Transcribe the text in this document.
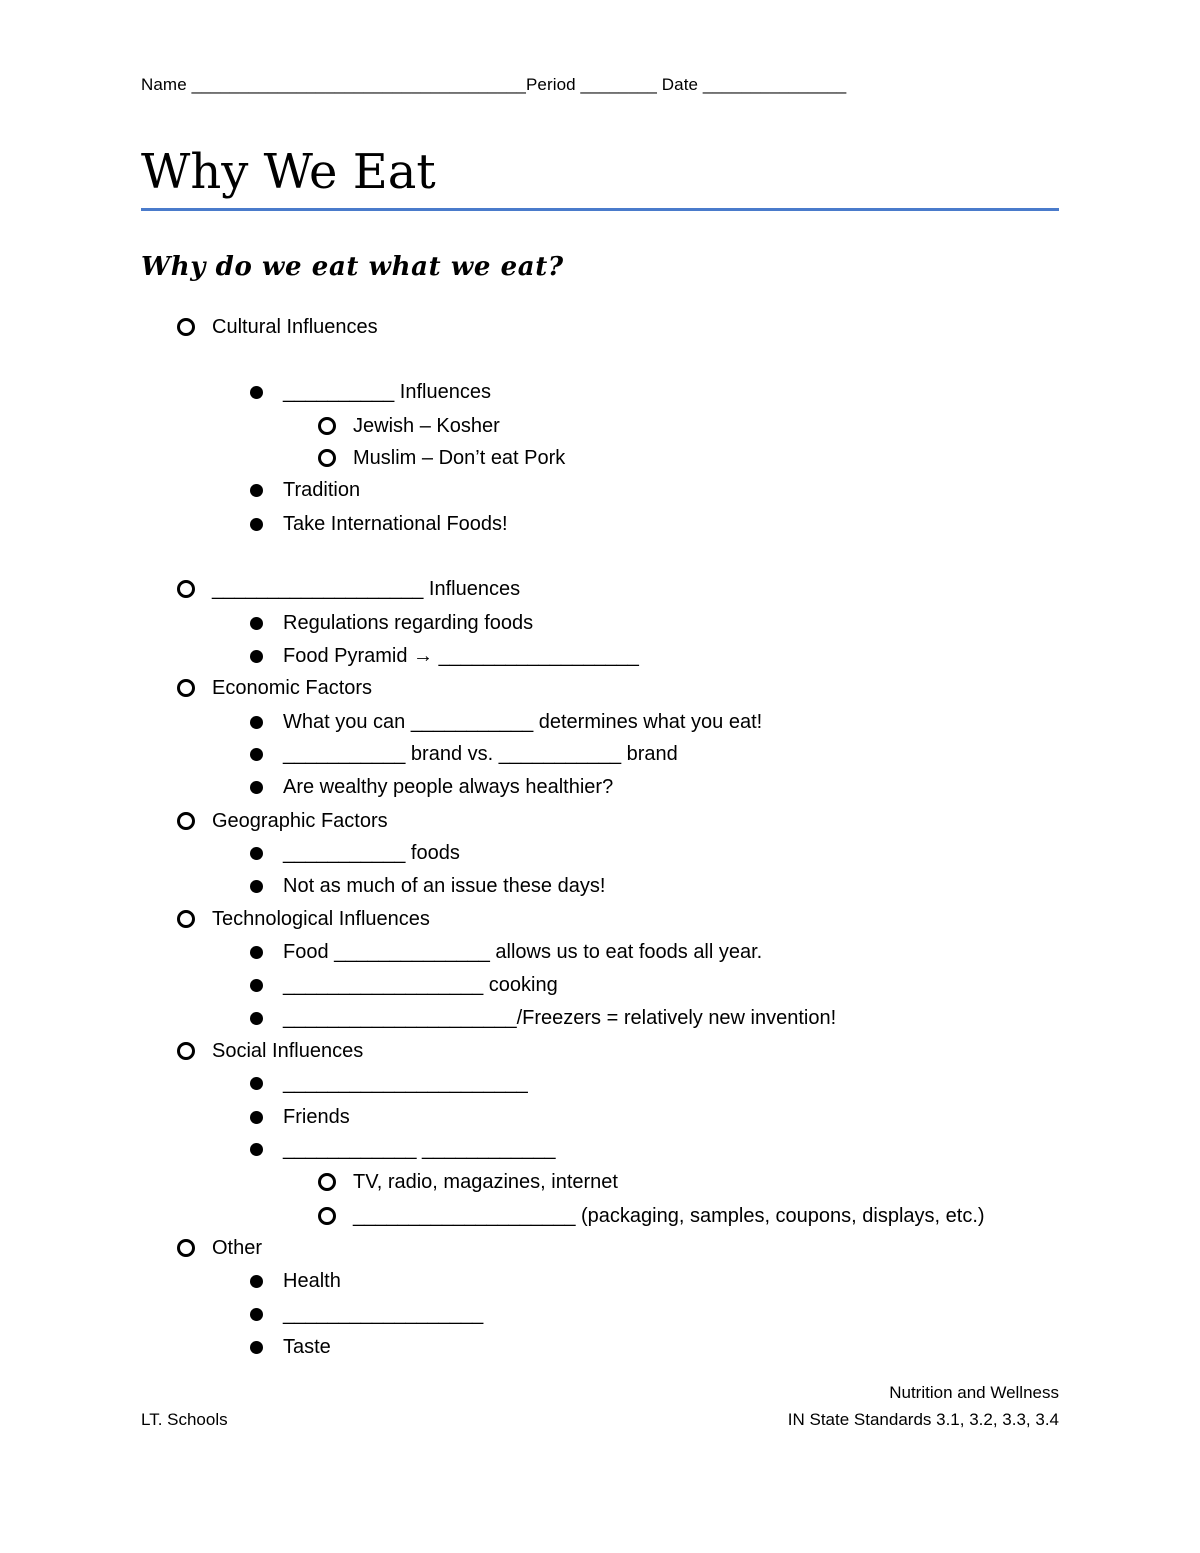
Name ___________________________________Period ________ Date _______________
Why We Eat
Why do we eat what we eat?
Cultural Influences
__________ Influences
Jewish – Kosher
Muslim – Don’t eat Pork
Tradition
Take International Foods!
___________________ Influences
Regulations regarding foods
Food Pyramid → __________________
Economic Factors
What you can ___________ determines what you eat!
___________ brand vs. ___________ brand
Are wealthy people always healthier?
Geographic Factors
___________ foods
Not as much of an issue these days!
Technological Influences
Food ______________ allows us to eat foods all year.
__________________ cooking
_____________________/Freezers = relatively new invention!
Social Influences
______________________
Friends
____________ ____________
TV, radio, magazines, internet
____________________ (packaging, samples, coupons, displays, etc.)
Other
Health
__________________
Taste
Nutrition and Wellness
LT. Schools	IN State Standards 3.1, 3.2, 3.3, 3.4
